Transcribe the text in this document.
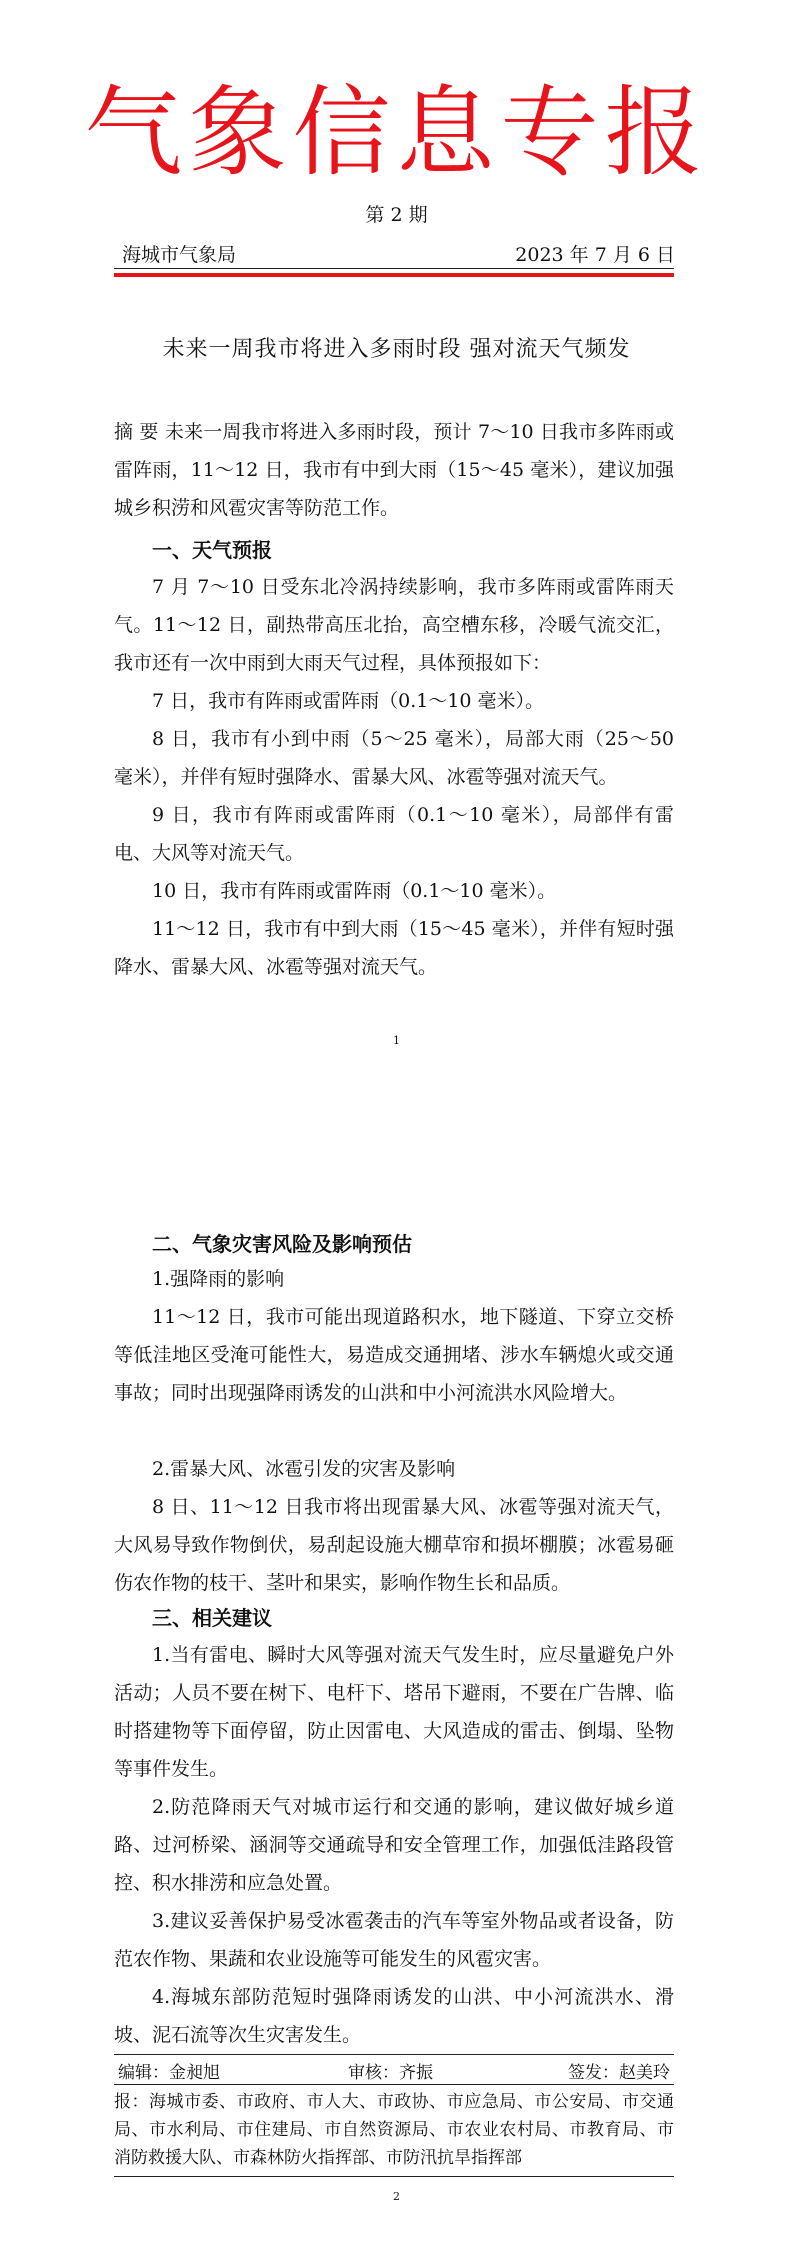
气象信息专报
第 2 期
海城市气象局	2023 年 7 月 6 日
未来一周我市将进入多雨时段 强对流天气频发

摘 要 未来一周我市将进入多雨时段，预计 7～10 日我市多阵雨或雷阵雨，11～12 日，我市有中到大雨（15～45 毫米），建议加强城乡积涝和风雹灾害等防范工作。

一、天气预报

7 月 7～10 日受东北冷涡持续影响，我市多阵雨或雷阵雨天气。11～12 日，副热带高压北抬，高空槽东移，冷暖气流交汇，我市还有一次中雨到大雨天气过程，具体预报如下：

7 日，我市有阵雨或雷阵雨（0.1～10 毫米）。

8 日，我市有小到中雨（5～25 毫米），局部大雨（25～50 毫米），并伴有短时强降水、雷暴大风、冰雹等强对流天气。

9 日，我市有阵雨或雷阵雨（0.1～10 毫米），局部伴有雷电、大风等对流天气。

10 日，我市有阵雨或雷阵雨（0.1～10 毫米）。

11～12 日，我市有中到大雨（15～45 毫米），并伴有短时强降水、雷暴大风、冰雹等强对流天气。

1
二、气象灾害风险及影响预估

1.强降雨的影响

11～12 日，我市可能出现道路积水，地下隧道、下穿立交桥等低洼地区受淹可能性大，易造成交通拥堵、涉水车辆熄火或交通事故；同时出现强降雨诱发的山洪和中小河流洪水风险增大。

2.雷暴大风、冰雹引发的灾害及影响

8 日、11～12 日我市将出现雷暴大风、冰雹等强对流天气，大风易导致作物倒伏，易刮起设施大棚草帘和损坏棚膜；冰雹易砸伤农作物的枝干、茎叶和果实，影响作物生长和品质。

三、相关建议

1.当有雷电、瞬时大风等强对流天气发生时，应尽量避免户外活动；人员不要在树下、电杆下、塔吊下避雨，不要在广告牌、临时搭建物等下面停留，防止因雷电、大风造成的雷击、倒塌、坠物等事件发生。

2.防范降雨天气对城市运行和交通的影响，建议做好城乡道路、过河桥梁、涵洞等交通疏导和安全管理工作，加强低洼路段管控、积水排涝和应急处置。

3.建议妥善保护易受冰雹袭击的汽车等室外物品或者设备，防范农作物、果蔬和农业设施等可能发生的风雹灾害。

4.海城东部防范短时强降雨诱发的山洪、中小河流洪水、滑坡、泥石流等次生灾害发生。

编辑：金昶旭	审核：齐振	签发：赵美玲

报：海城市委、市政府、市人大、市政协、市应急局、市公安局、市交通局、市水利局、市住建局、市自然资源局、市农业农村局、市教育局、市消防救援大队、市森林防火指挥部、市防汛抗旱指挥部

2
